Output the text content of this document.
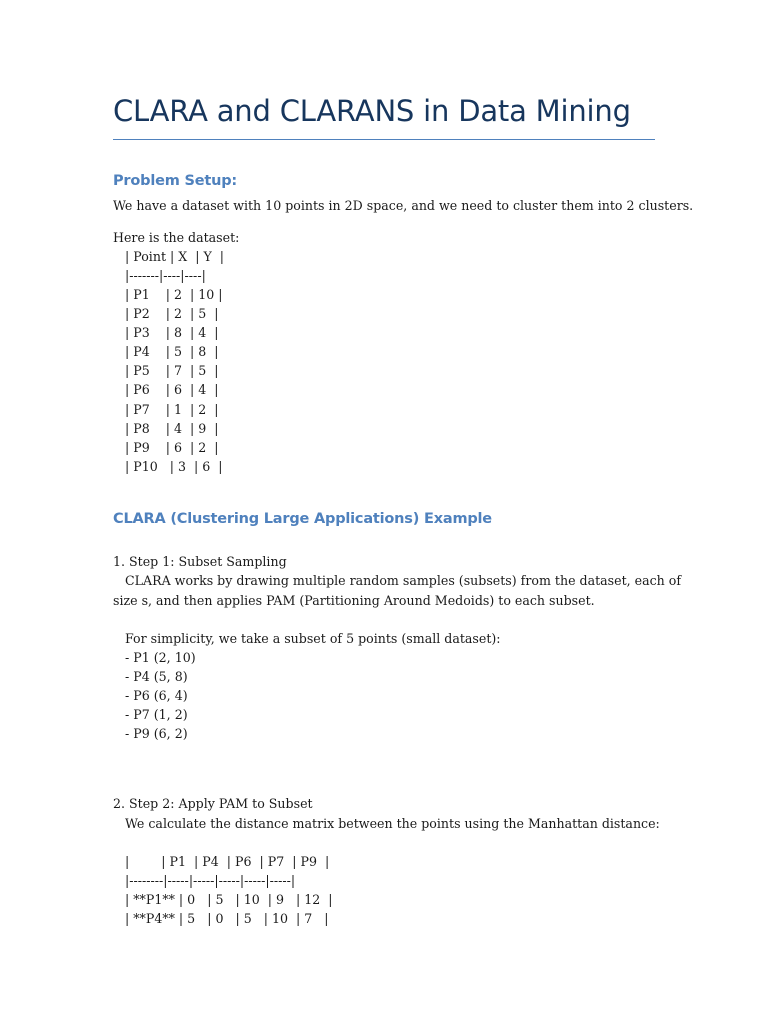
CLARA and CLARANS in Data Mining
Problem Setup:
We have a dataset with 10 points in 2D space, and we need to cluster them into 2 clusters.
Here is the dataset:
| Point | X  | Y  |
|-------|----|----|
| P1    | 2  | 10 |
| P2    | 2  | 5  |
| P3    | 8  | 4  |
| P4    | 5  | 8  |
| P5    | 7  | 5  |
| P6    | 6  | 4  |
| P7    | 1  | 2  |
| P8    | 4  | 9  |
| P9    | 6  | 2  |
| P10   | 3  | 6  |
CLARA (Clustering Large Applications) Example
1. Step 1: Subset Sampling
CLARA works by drawing multiple random samples (subsets) from the dataset, each of
size s, and then applies PAM (Partitioning Around Medoids) to each subset.
For simplicity, we take a subset of 5 points (small dataset):
- P1 (2, 10)
- P4 (5, 8)
- P6 (6, 4)
- P7 (1, 2)
- P9 (6, 2)
2. Step 2: Apply PAM to Subset
We calculate the distance matrix between the points using the Manhattan distance:
|        | P1  | P4  | P6  | P7  | P9  |
|--------|-----|-----|-----|-----|-----|
| **P1** | 0   | 5   | 10  | 9   | 12  |
| **P4** | 5   | 0   | 5   | 10  | 7   |
